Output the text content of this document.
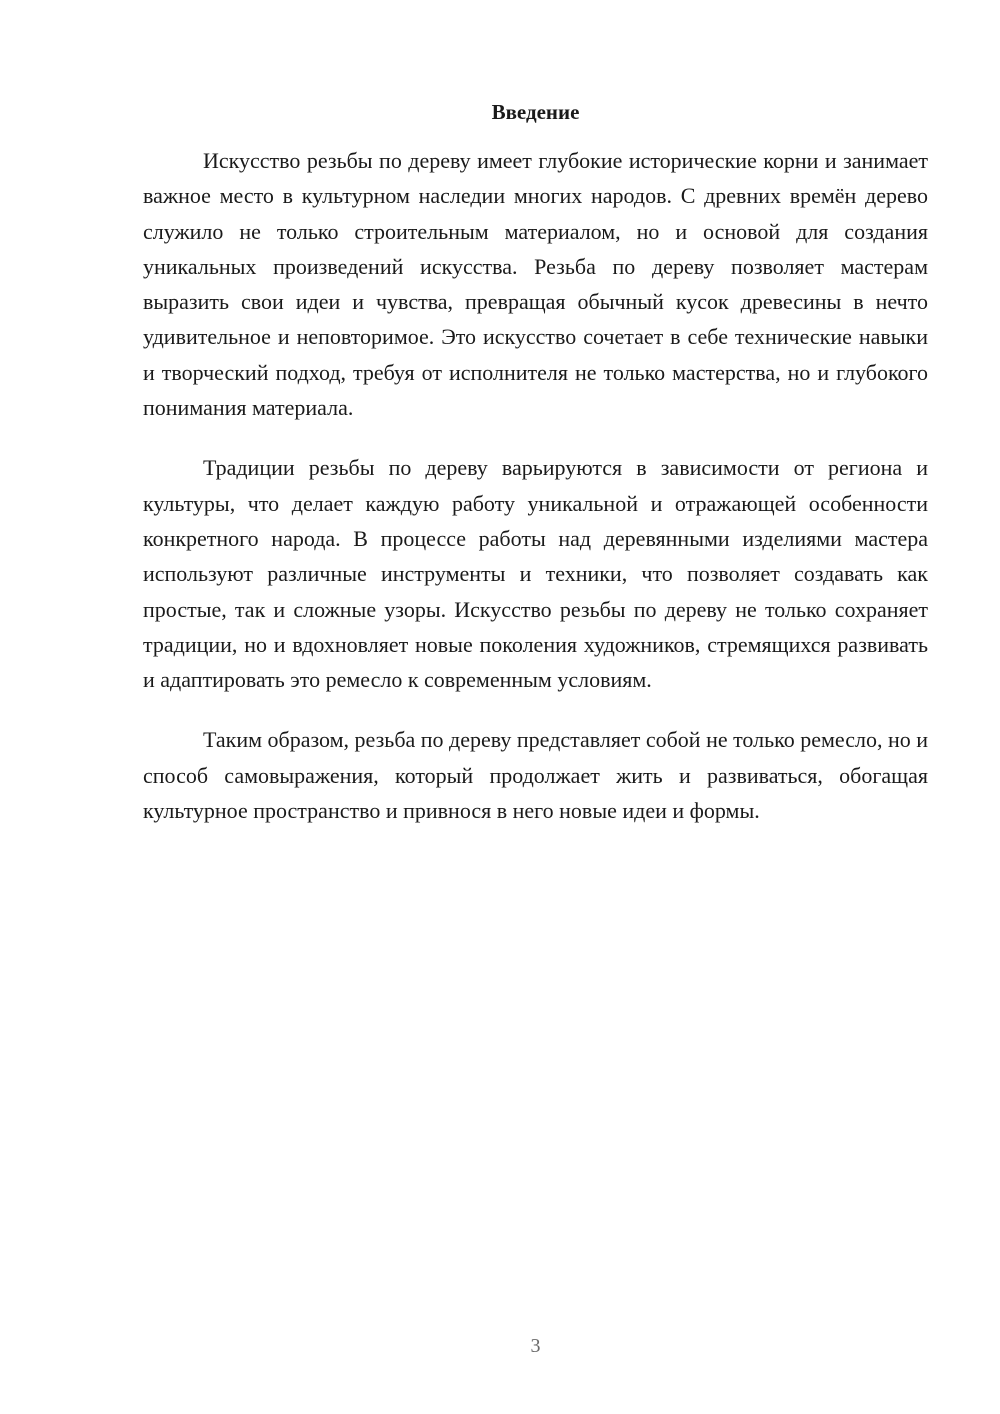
Введение

Искусство резьбы по дереву имеет глубокие исторические корни и занимает важное место в культурном наследии многих народов. С древних времён дерево служило не только строительным материалом, но и основой для создания уникальных произведений искусства. Резьба по дереву позволяет мастерам выразить свои идеи и чувства, превращая обычный кусок древесины в нечто удивительное и неповторимое. Это искусство сочетает в себе технические навыки и творческий подход, требуя от исполнителя не только мастерства, но и глубокого понимания материала.

Традиции резьбы по дереву варьируются в зависимости от региона и культуры, что делает каждую работу уникальной и отражающей особенности конкретного народа. В процессе работы над деревянными изделиями мастера используют различные инструменты и техники, что позволяет создавать как простые, так и сложные узоры. Искусство резьбы по дереву не только сохраняет традиции, но и вдохновляет новые поколения художников, стремящихся развивать и адаптировать это ремесло к современным условиям.

Таким образом, резьба по дереву представляет собой не только ремесло, но и способ самовыражения, который продолжает жить и развиваться, обогащая культурное пространство и привнося в него новые идеи и формы.

3
